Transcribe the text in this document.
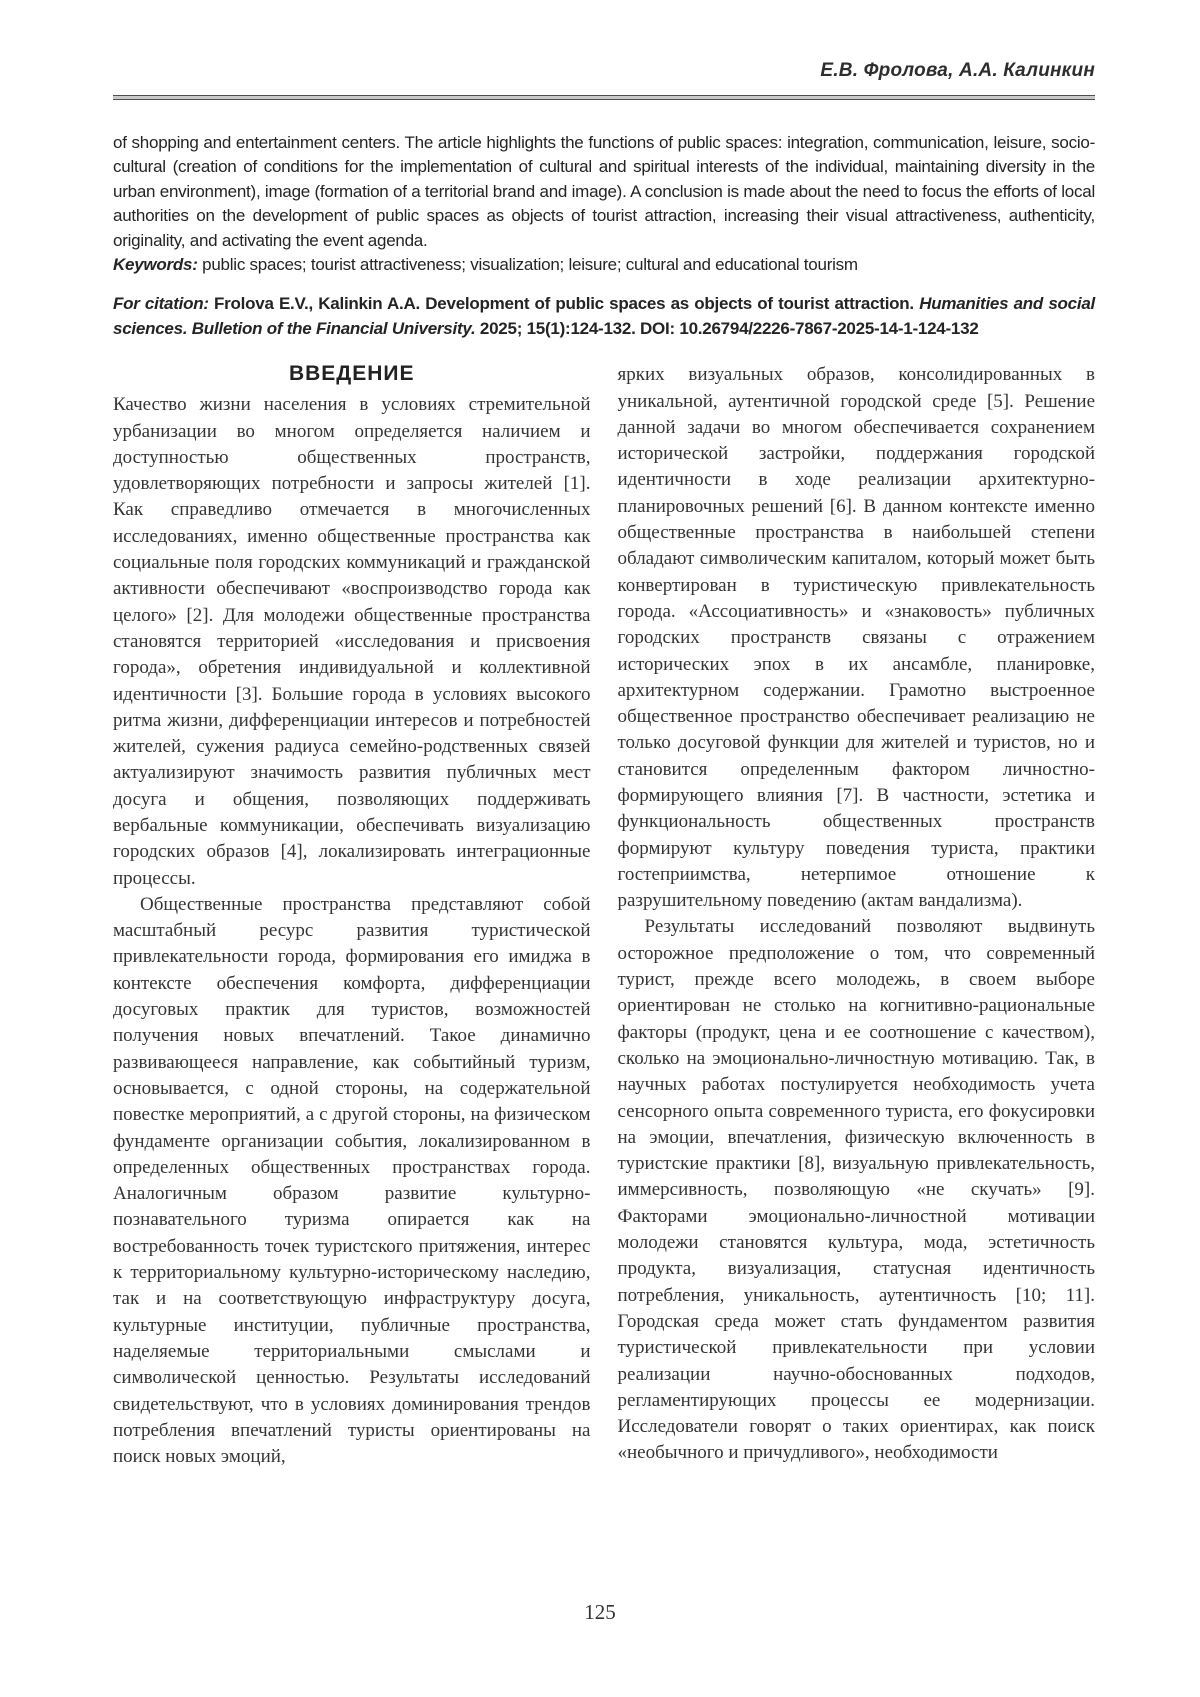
Е.В. Фролова, А.А. Калинкин

of shopping and entertainment centers. The article highlights the functions of public spaces: integration, communication, leisure, socio-cultural (creation of conditions for the implementation of cultural and spiritual interests of the individual, maintaining diversity in the urban environment), image (formation of a territorial brand and image). A conclusion is made about the need to focus the efforts of local authorities on the development of public spaces as objects of tourist attraction, increasing their visual attractiveness, authenticity, originality, and activating the event agenda.

Keywords: public spaces; tourist attractiveness; visualization; leisure; cultural and educational tourism

For citation: Frolova E.V., Kalinkin A.A. Development of public spaces as objects of tourist attraction. Humanities and social sciences. Bulletion of the Financial University. 2025; 15(1):124-132. DOI: 10.26794/2226-7867-2025-14-1-124-132

ВВЕДЕНИЕ

Качество жизни населения в условиях стремительной урбанизации во многом определяется наличием и доступностью общественных пространств, удовлетворяющих потребности и запросы жителей [1]. Как справедливо отмечается в многочисленных исследованиях, именно общественные пространства как социальные поля городских коммуникаций и гражданской активности обеспечивают «воспроизводство города как целого» [2]. Для молодежи общественные пространства становятся территорией «исследования и присвоения города», обретения индивидуальной и коллективной идентичности [3]. Большие города в условиях высокого ритма жизни, дифференциации интересов и потребностей жителей, сужения радиуса семейно-родственных связей актуализируют значимость развития публичных мест досуга и общения, позволяющих поддерживать вербальные коммуникации, обеспечивать визуализацию городских образов [4], локализировать интеграционные процессы.

Общественные пространства представляют собой масштабный ресурс развития туристической привлекательности города, формирования его имиджа в контексте обеспечения комфорта, дифференциации досуговых практик для туристов, возможностей получения новых впечатлений. Такое динамично развивающееся направление, как событийный туризм, основывается, с одной стороны, на содержательной повестке мероприятий, а с другой стороны, на физическом фундаменте организации события, локализированном в определенных общественных пространствах города. Аналогичным образом развитие культурно-познавательного туризма опирается как на востребованность точек туристского притяжения, интерес к территориальному культурно-историческому наследию, так и на соответствующую инфраструктуру досуга, культурные институции, публичные пространства, наделяемые территориальными смыслами и символической ценностью. Результаты исследований свидетельствуют, что в условиях доминирования трендов потребления впечатлений туристы ориентированы на поиск новых эмоций,

ярких визуальных образов, консолидированных в уникальной, аутентичной городской среде [5]. Решение данной задачи во многом обеспечивается сохранением исторической застройки, поддержания городской идентичности в ходе реализации архитектурно-планировочных решений [6]. В данном контексте именно общественные пространства в наибольшей степени обладают символическим капиталом, который может быть конвертирован в туристическую привлекательность города. «Ассоциативность» и «знаковость» публичных городских пространств связаны с отражением исторических эпох в их ансамбле, планировке, архитектурном содержании. Грамотно выстроенное общественное пространство обеспечивает реализацию не только досуговой функции для жителей и туристов, но и становится определенным фактором личностно-формирующего влияния [7]. В частности, эстетика и функциональность общественных пространств формируют культуру поведения туриста, практики гостеприимства, нетерпимое отношение к разрушительному поведению (актам вандализма).

Результаты исследований позволяют выдвинуть осторожное предположение о том, что современный турист, прежде всего молодежь, в своем выборе ориентирован не столько на когнитивно-рациональные факторы (продукт, цена и ее соотношение с качеством), сколько на эмоционально-личностную мотивацию. Так, в научных работах постулируется необходимость учета сенсорного опыта современного туриста, его фокусировки на эмоции, впечатления, физическую включенность в туристские практики [8], визуальную привлекательность, иммерсивность, позволяющую «не скучать» [9]. Факторами эмоционально-личностной мотивации молодежи становятся культура, мода, эстетичность продукта, визуализация, статусная идентичность потребления, уникальность, аутентичность [10; 11]. Городская среда может стать фундаментом развития туристической привлекательности при условии реализации научно-обоснованных подходов, регламентирующих процессы ее модернизации. Исследователи говорят о таких ориентирах, как поиск «необычного и причудливого», необходимости

125
